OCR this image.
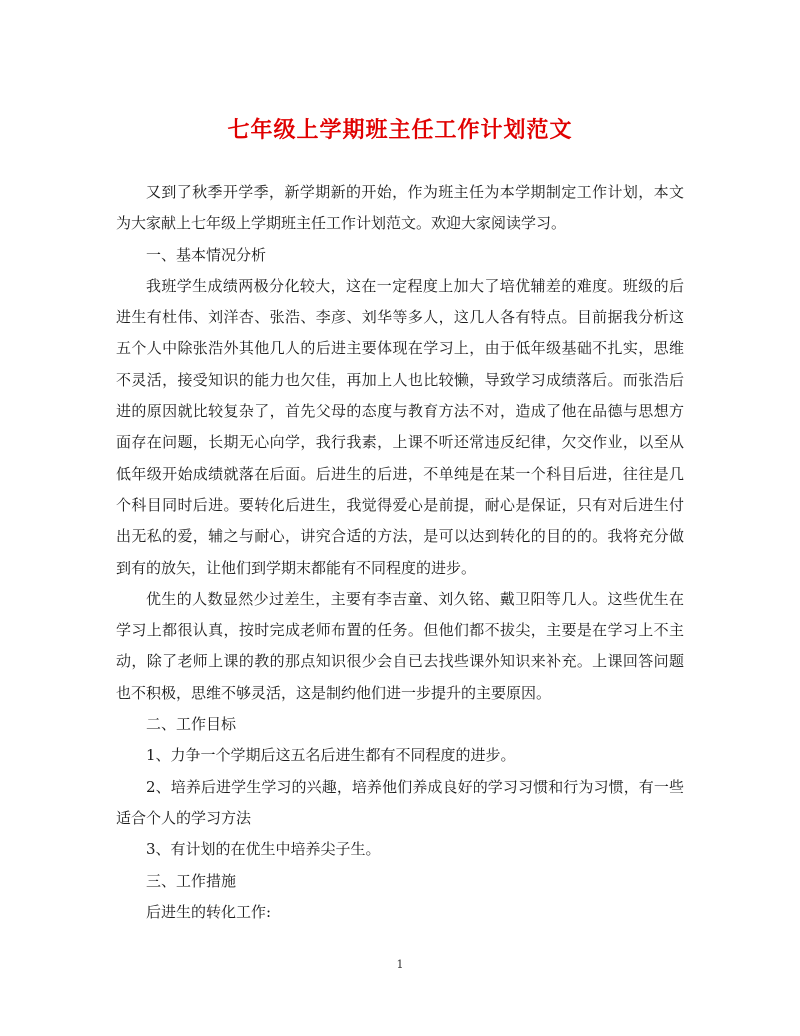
七年级上学期班主任工作计划范文

又到了秋季开学季，新学期新的开始，作为班主任为本学期制定工作计划，本文为大家献上七年级上学期班主任工作计划范文。欢迎大家阅读学习。

一、基本情况分析

我班学生成绩两极分化较大，这在一定程度上加大了培优辅差的难度。班级的后进生有杜伟、刘洋杏、张浩、李彦、刘华等多人，这几人各有特点。目前据我分析这五个人中除张浩外其他几人的后进主要体现在学习上，由于低年级基础不扎实，思维不灵活，接受知识的能力也欠佳，再加上人也比较懒，导致学习成绩落后。而张浩后进的原因就比较复杂了，首先父母的态度与教育方法不对，造成了他在品德与思想方面存在问题，长期无心向学，我行我素，上课不听还常违反纪律，欠交作业，以至从低年级开始成绩就落在后面。后进生的后进，不单纯是在某一个科目后进，往往是几个科目同时后进。要转化后进生，我觉得爱心是前提，耐心是保证，只有对后进生付出无私的爱，辅之与耐心，讲究合适的方法，是可以达到转化的目的的。我将充分做到有的放矢，让他们到学期末都能有不同程度的进步。

优生的人数显然少过差生，主要有李吉童、刘久铭、戴卫阳等几人。这些优生在学习上都很认真，按时完成老师布置的任务。但他们都不拔尖，主要是在学习上不主动，除了老师上课的教的那点知识很少会自已去找些课外知识来补充。上课回答问题也不积极，思维不够灵活，这是制约他们进一步提升的主要原因。

二、工作目标

1、力争一个学期后这五名后进生都有不同程度的进步。

2、培养后进学生学习的兴趣，培养他们养成良好的学习习惯和行为习惯，有一些适合个人的学习方法

3、有计划的在优生中培养尖子生。

三、工作措施

后进生的转化工作:

1
